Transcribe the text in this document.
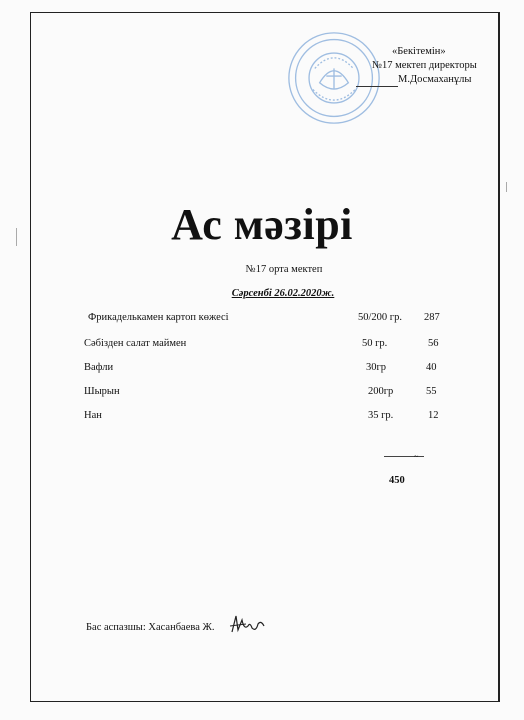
«Бекітемін»
№17 мектеп директоры
М.Досмаханұлы
Ас мәзірі
№17 орта мектеп
Сәрсенбі 26.02.2020ж.
Фрикаделькамен картоп көжесі	50/200 гр. 287
Сәбізден салат маймен	50 гр.	56
Вафли	30гр	40
Шырын	200гр	55
Нан	35 гр.	12
~
450
Бас аспазшы: Хасанбаева Ж.
